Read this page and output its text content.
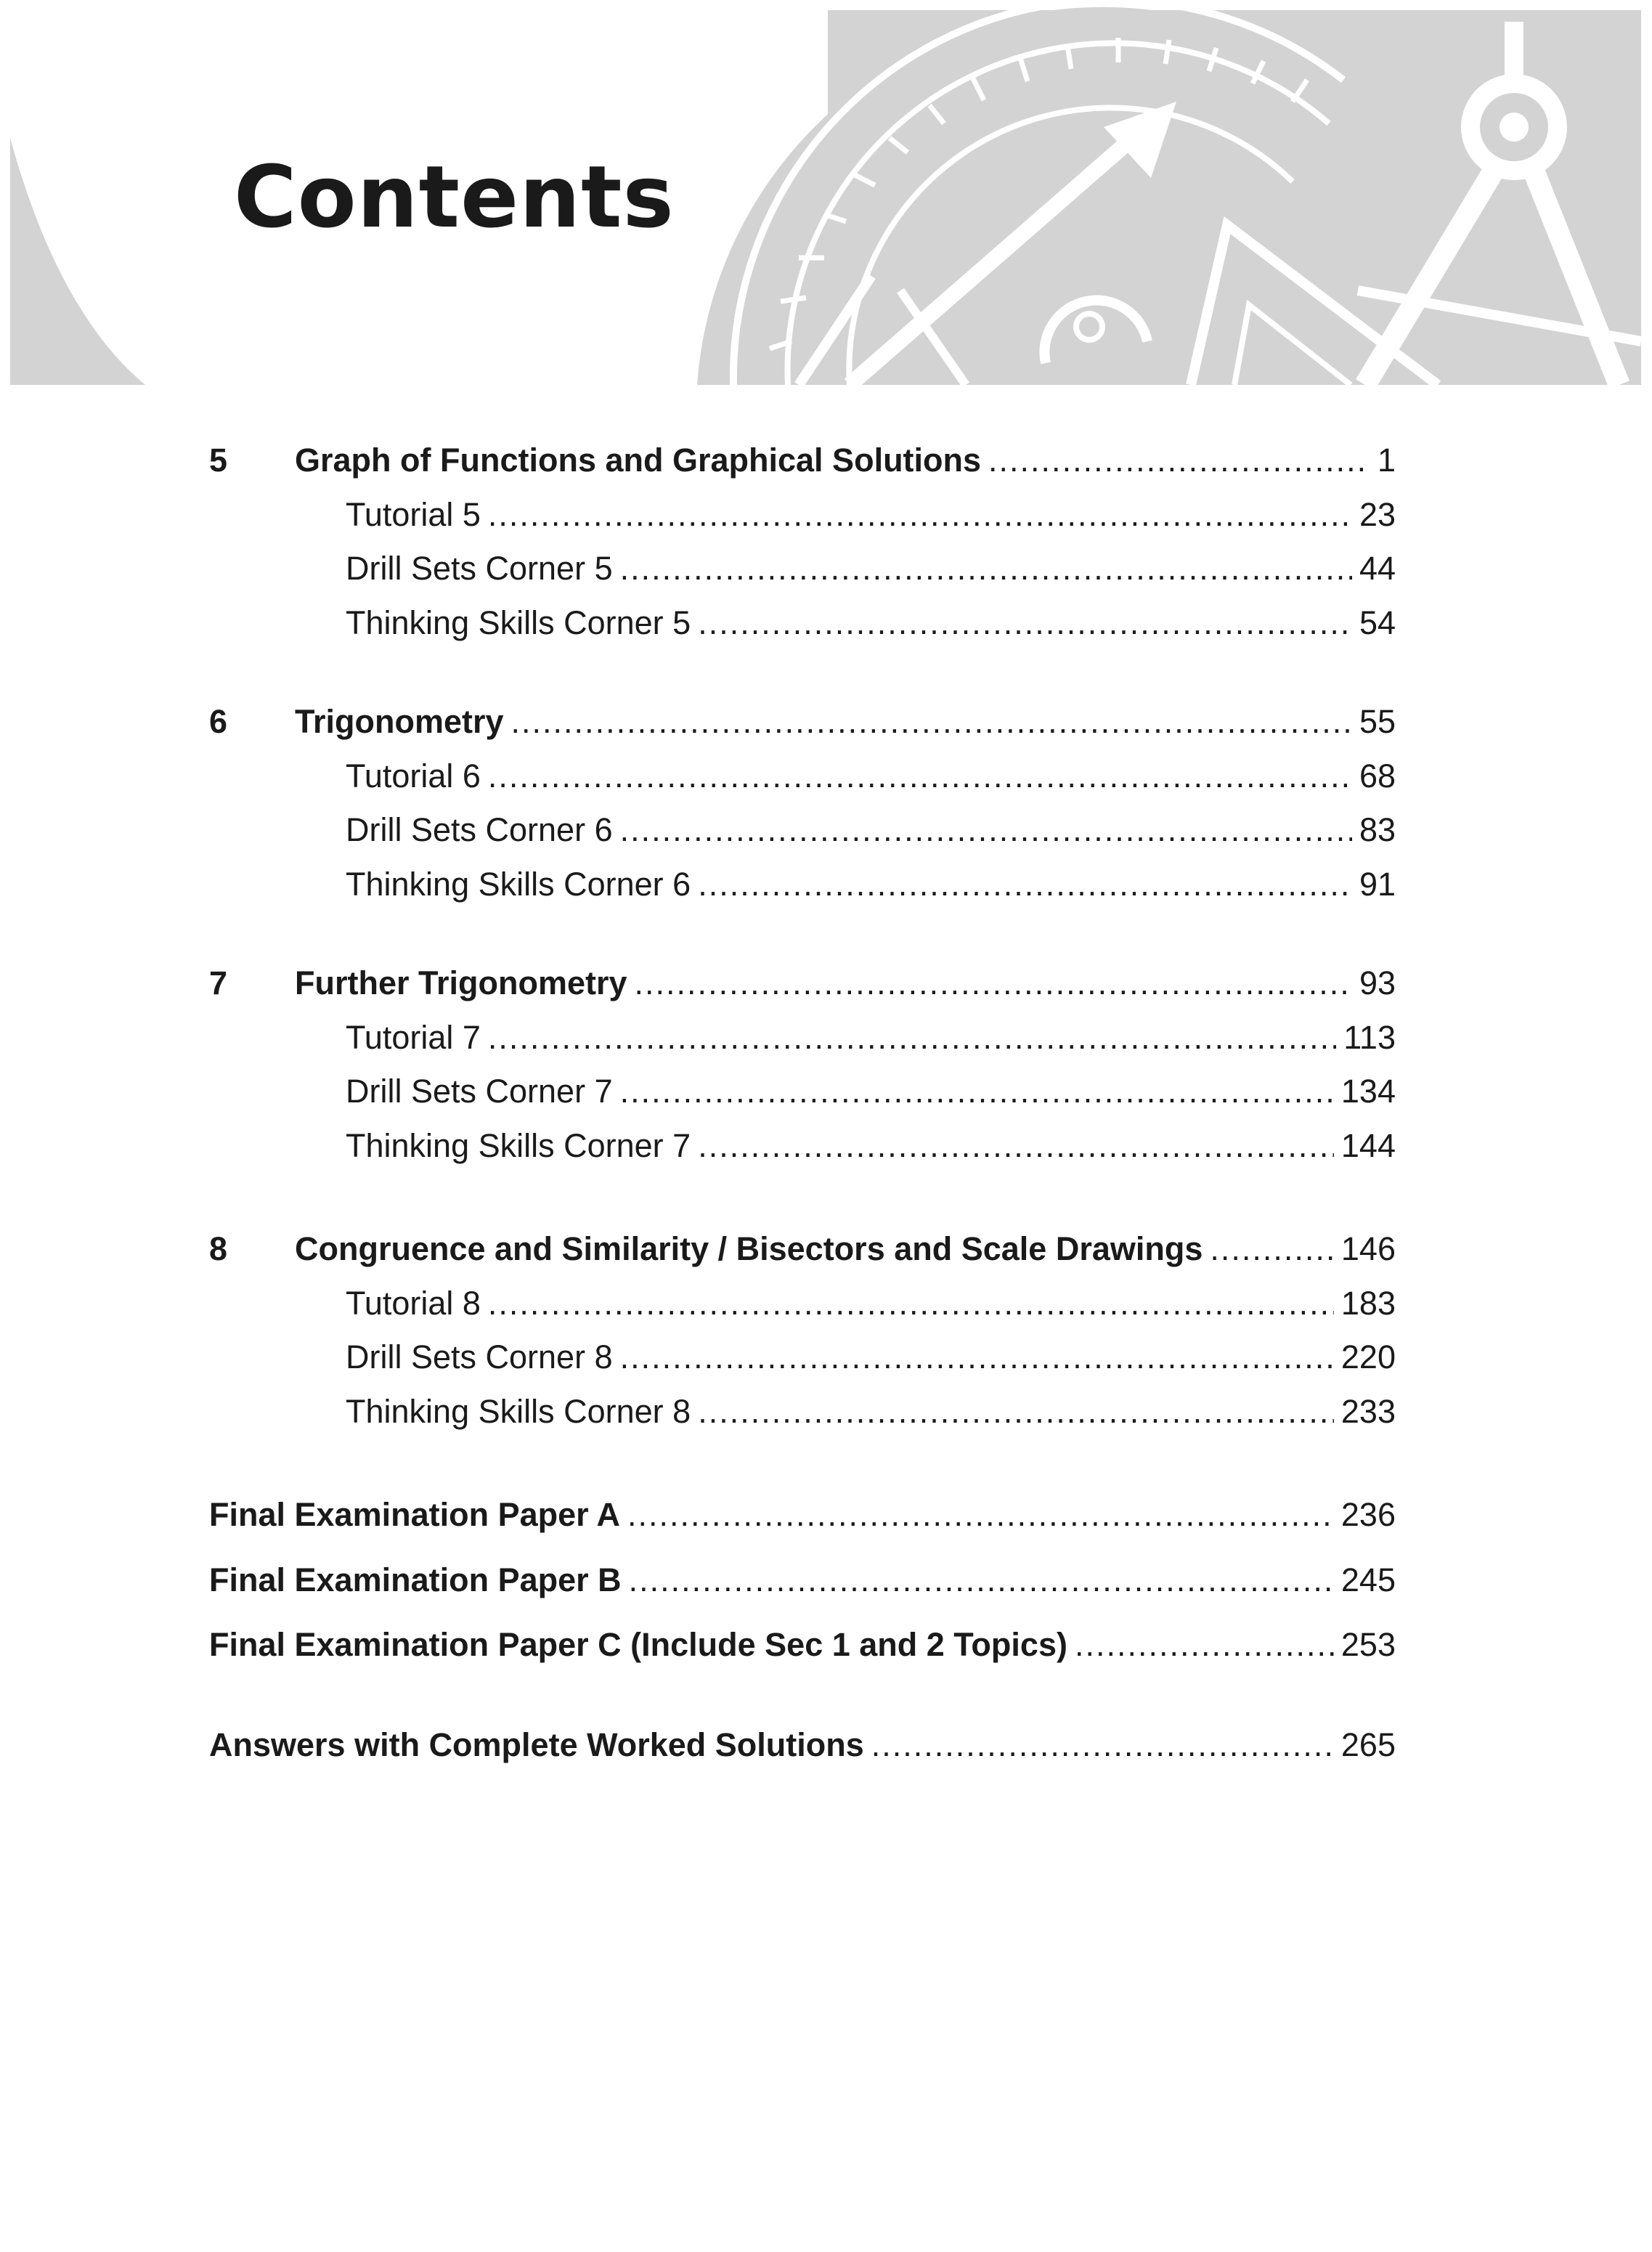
Contents
5 Graph of Functions and Graphical Solutions .....	1
Tutorial 5 .....	23
Drill Sets Corner 5 .....	44
Thinking Skills Corner 5 .....	54
6 Trigonometry .....	55
Tutorial 6 .....	68
Drill Sets Corner 6 .....	83
Thinking Skills Corner 6 .....	91
7 Further Trigonometry .....	93
Tutorial 7 .....	113
Drill Sets Corner 7 .....	134
Thinking Skills Corner 7 .....	144
8 Congruence and Similarity / Bisectors and Scale Drawings .....	146
Tutorial 8 .....	183
Drill Sets Corner 8 .....	220
Thinking Skills Corner 8 .....	233
Final Examination Paper A .....	236
Final Examination Paper B .....	245
Final Examination Paper C (Include Sec 1 and 2 Topics) .....	253
Answers with Complete Worked Solutions .....	265
